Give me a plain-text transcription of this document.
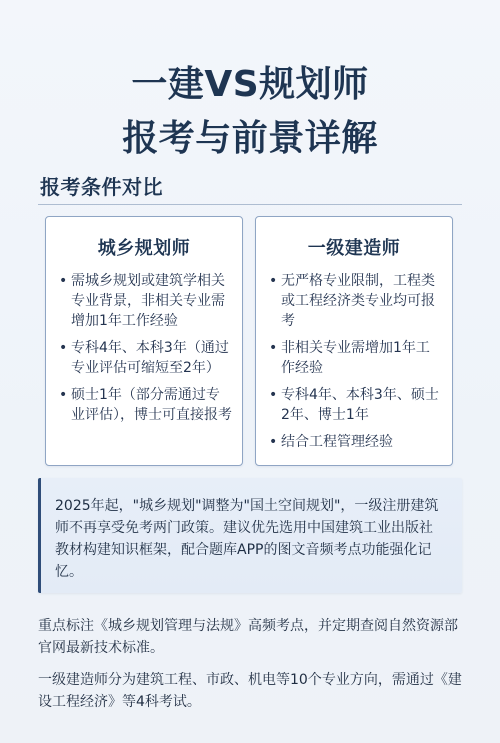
一建VS规划师
报考与前景详解
报考条件对比
城乡规划师
• 需城乡规划或建筑学相关专业背景，非相关专业需增加1年工作经验
• 专科4年、本科3年（通过专业评估可缩短至2年）
• 硕士1年（部分需通过专业评估），博士可直接报考
一级建造师
• 无严格专业限制，工程类或工程经济类专业均可报考
• 非相关专业需增加1年工作经验
• 专科4年、本科3年、硕士2年、博士1年
• 结合工程管理经验
2025年起，"城乡规划"调整为"国土空间规划"，一级注册建筑师不再享受免考两门政策。建议优先选用中国建筑工业出版社教材构建知识框架，配合题库APP的图文音频考点功能强化记忆。
重点标注《城乡规划管理与法规》高频考点，并定期查阅自然资源部官网最新技术标准。
一级建造师分为建筑工程、市政、机电等10个专业方向，需通过《建设工程经济》等4科考试。
